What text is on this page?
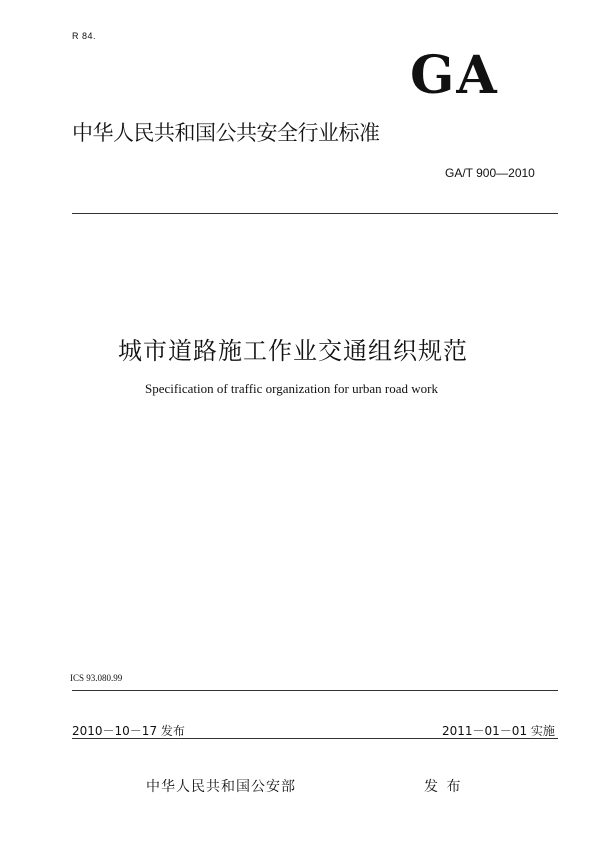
R 84.
GA
中华人民共和国公共安全行业标准
GA/T 900—2010
城市道路施工作业交通组织规范
Specification of traffic organization for urban road work
ICS 93.080.99
2010－10－17 发布	2011－01－01 实施
中华人民共和国公安部	发 布
